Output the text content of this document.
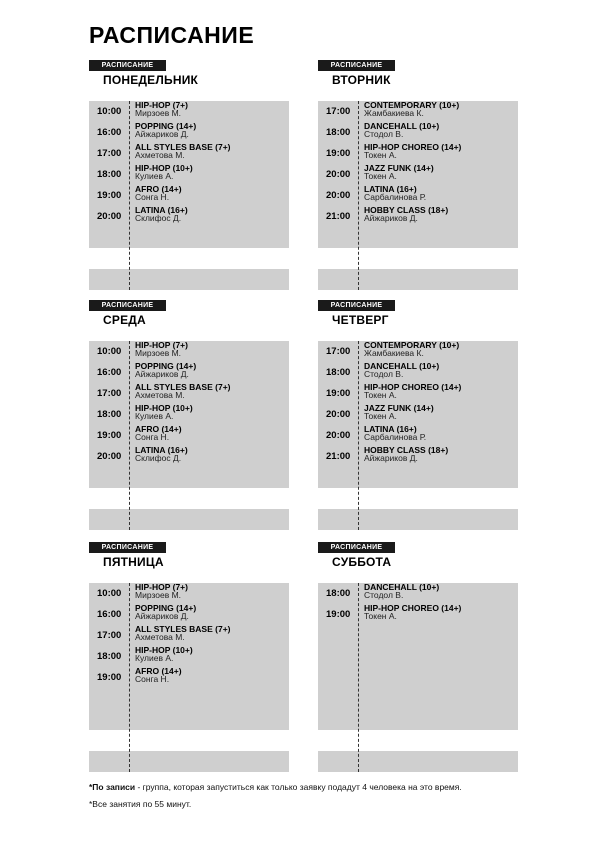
РАСПИСАНИЕ
РАСПИСАНИЕ
ПОНЕДЕЛЬНИК
10:00
HIP-HOP (7+)
Мирзоев М.
16:00
POPPING (14+)
Айжариков Д.
17:00
ALL STYLES BASE (7+)
Ахметова М.
18:00
HIP-HOP (10+)
Кулиев А.
19:00
AFRO (14+)
Сонга Н.
20:00
LATINA (16+)
Склифос Д.
РАСПИСАНИЕ
ВТОРНИК
17:00
CONTEMPORARY (10+)
Жамбакиева К.
18:00
DANCEHALL (10+)
Стодол В.
19:00
HIP-HOP CHOREO (14+)
Токен А.
20:00
JAZZ FUNK (14+)
Токен А.
20:00
LATINA (16+)
Сарбалинова Р.
21:00
HOBBY CLASS (18+)
Айжариков Д.
РАСПИСАНИЕ
СРЕДА
10:00
HIP-HOP (7+)
Мирзоев М.
16:00
POPPING (14+)
Айжариков Д.
17:00
ALL STYLES BASE (7+)
Ахметова М.
18:00
HIP-HOP (10+)
Кулиев А.
19:00
AFRO (14+)
Сонга Н.
20:00
LATINA (16+)
Склифос Д.
РАСПИСАНИЕ
ЧЕТВЕРГ
17:00
CONTEMPORARY (10+)
Жамбакиева К.
18:00
DANCEHALL (10+)
Стодол В.
19:00
HIP-HOP CHOREO (14+)
Токен А.
20:00
JAZZ FUNK (14+)
Токен А.
20:00
LATINA (16+)
Сарбалинова Р.
21:00
HOBBY CLASS (18+)
Айжариков Д.
РАСПИСАНИЕ
ПЯТНИЦА
10:00
HIP-HOP (7+)
Мирзоев М.
16:00
POPPING (14+)
Айжариков Д.
17:00
ALL STYLES BASE (7+)
Ахметова М.
18:00
HIP-HOP (10+)
Кулиев А.
19:00
AFRO (14+)
Сонга Н.
РАСПИСАНИЕ
СУББОТА
18:00
DANCEHALL (10+)
Стодол В.
19:00
HIP-HOP CHOREO (14+)
Токен А.

*По записи - группа, которая запуститься как только заявку подадут 4 человека на это время.

*Все занятия по 55 минут.
